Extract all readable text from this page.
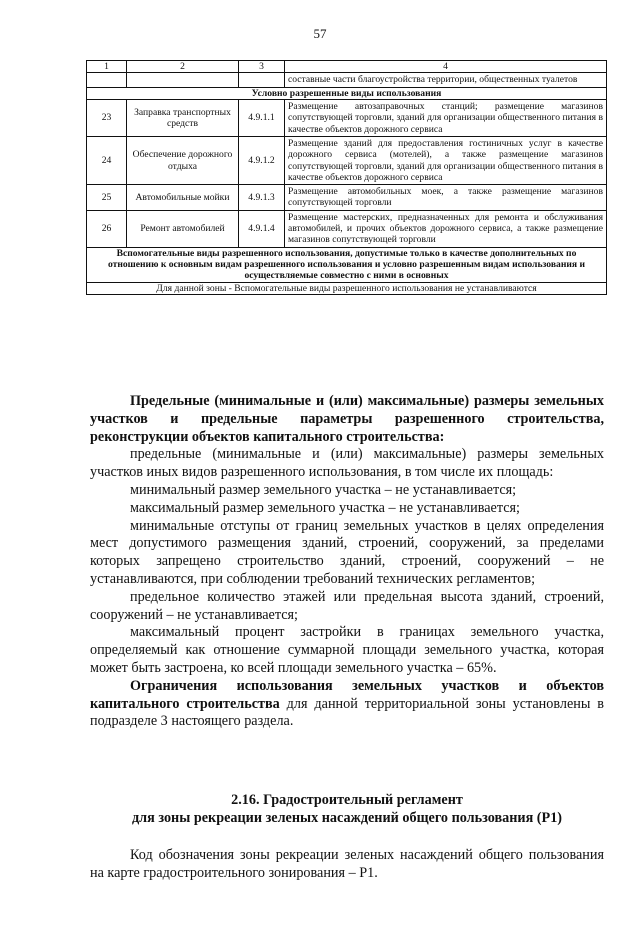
57
1	2	3	4
			составные части благоустройства территории, общественных туалетов
Условно разрешенные виды использования			
23	Заправка транспортных средств	4.9.1.1	Размещение автозаправочных станций; размещение магазинов сопутствующей торговли, зданий для организации общественного питания в качестве объектов дорожного сервиса
24	Обеспечение дорожного отдыха	4.9.1.2	Размещение зданий для предоставления гостиничных услуг в качестве дорожного сервиса (мотелей), а также размещение магазинов сопутствующей торговли, зданий для организации общественного питания в качестве объектов дорожного сервиса
25	Автомобильные мойки	4.9.1.3	Размещение автомобильных моек, а также размещение магазинов сопутствующей торговли
26	Ремонт автомобилей	4.9.1.4	Размещение мастерских, предназначенных для ремонта и обслуживания автомобилей, и прочих объектов дорожного сервиса, а также размещение магазинов сопутствующей торговли
Вспомогательные виды разрешенного использования, допустимые только в качестве дополнительных по отношению к основным видам разрешенного использования и условно разрешенным видам использования и осуществляемые совместно с ними в основных			
Для данной зоны - Вспомогательные виды разрешенного использования не устанавливаются			

Предельные (минимальные и (или) максимальные) размеры земельных участков и предельные параметры разрешенного строительства, реконструкции объектов капитального строительства:

предельные (минимальные и (или) максимальные) размеры земельных участков иных видов разрешенного использования, в том числе их площадь:

минимальный размер земельного участка – не устанавливается;

максимальный размер земельного участка – не устанавливается;

минимальные отступы от границ земельных участков в целях определения мест допустимого размещения зданий, строений, сооружений, за пределами которых запрещено строительство зданий, строений, сооружений – не устанавливаются, при соблюдении требований технических регламентов;

предельное количество этажей или предельная высота зданий, строений, сооружений – не устанавливается;

максимальный процент застройки в границах земельного участка, определяемый как отношение суммарной площади земельного участка, которая может быть застроена, ко всей площади земельного участка – 65%.

Ограничения использования земельных участков и объектов капитального строительства для данной территориальной зоны установлены в подразделе 3 настоящего раздела.

2.16. Градостроительный регламент
для зоны рекреации зеленых насаждений общего пользования (Р1)

Код обозначения зоны рекреации зеленых насаждений общего пользования на карте градостроительного зонирования – Р1.
